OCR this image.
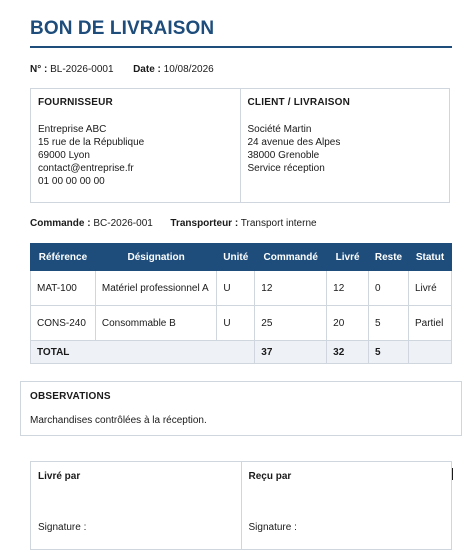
BON DE LIVRAISON
N° : BL-2026-0001 Date : 10/08/2026
FOURNISSEUR
Entreprise ABC
15 rue de la République
69000 Lyon
contact@entreprise.fr
01 00 00 00 00
CLIENT / LIVRAISON
Société Martin
24 avenue des Alpes
38000 Grenoble
Service réception
Commande : BC-2026-001 Transporteur : Transport interne
Référence	Désignation	Unité	Commandé	Livré	Reste	Statut
MAT-100	Matériel professionnel A	U	12	12	0	Livré
CONS-240	Consommable B	U	25	20	5	Partiel
TOTAL			37	32	5	
OBSERVATIONS
Marchandises contrôlées à la réception.
Livré par
Signature :
Reçu par
Signature :
